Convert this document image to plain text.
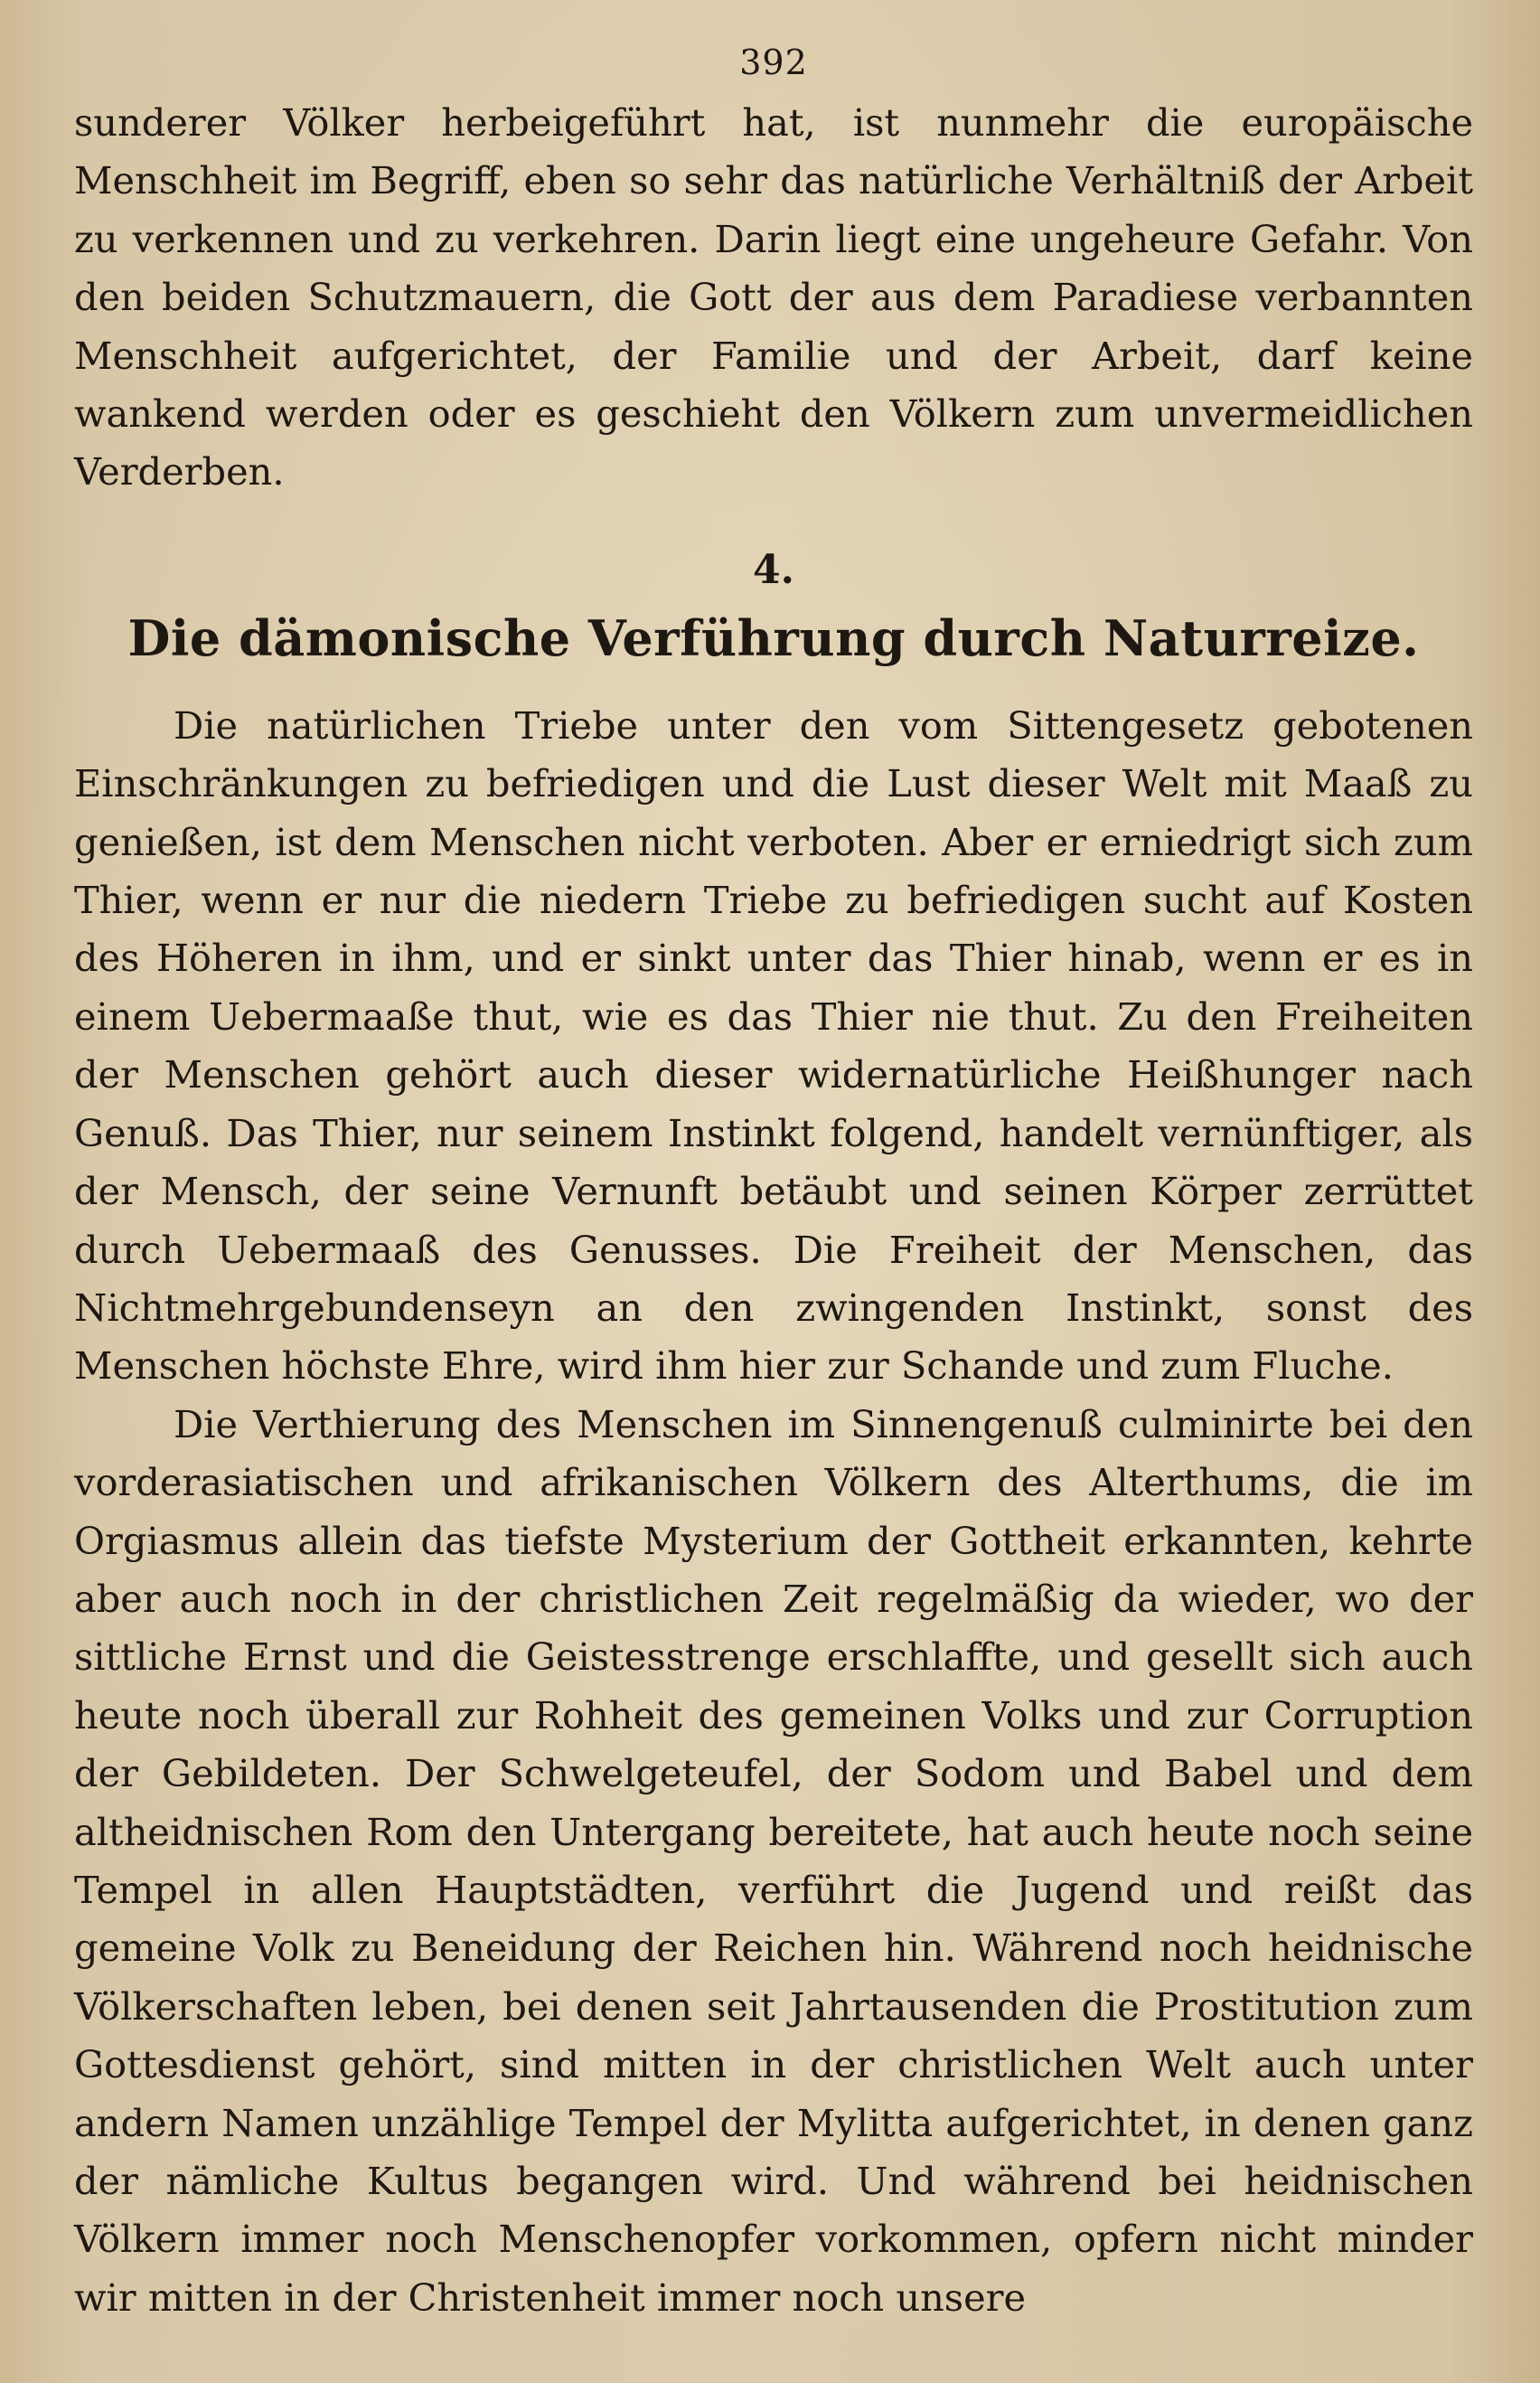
392

sunderer Völker herbeigeführt hat, ist nunmehr die europäische Menschheit im Begriff, eben so sehr das natürliche Verhältniß der Arbeit zu verkennen und zu verkehren. Darin liegt eine ungeheure Gefahr. Von den beiden Schutzmauern, die Gott der aus dem Paradiese verbannten Menschheit aufgerichtet, der Familie und der Arbeit, darf keine wankend werden oder es geschieht den Völkern zum unvermeidlichen Verderben.

4.
Die dämonische Verführung durch Naturreize.

Die natürlichen Triebe unter den vom Sittengesetz gebotenen Einschränkungen zu befriedigen und die Lust dieser Welt mit Maaß zu genießen, ist dem Menschen nicht verboten. Aber er erniedrigt sich zum Thier, wenn er nur die niedern Triebe zu befriedigen sucht auf Kosten des Höheren in ihm, und er sinkt unter das Thier hinab, wenn er es in einem Uebermaaße thut, wie es das Thier nie thut. Zu den Freiheiten der Menschen gehört auch dieser widernatürliche Heißhunger nach Genuß. Das Thier, nur seinem Instinkt folgend, handelt vernünftiger, als der Mensch, der seine Vernunft betäubt und seinen Körper zerrüttet durch Uebermaaß des Genusses. Die Freiheit der Menschen, das Nichtmehrgebundenseyn an den zwingenden Instinkt, sonst des Menschen höchste Ehre, wird ihm hier zur Schande und zum Fluche.

Die Verthierung des Menschen im Sinnengenuß culminirte bei den vorderasiatischen und afrikanischen Völkern des Alterthums, die im Orgiasmus allein das tiefste Mysterium der Gottheit erkannten, kehrte aber auch noch in der christlichen Zeit regelmäßig da wieder, wo der sittliche Ernst und die Geistesstrenge erschlaffte, und gesellt sich auch heute noch überall zur Rohheit des gemeinen Volks und zur Corruption der Gebildeten. Der Schwelgeteufel, der Sodom und Babel und dem altheidnischen Rom den Untergang bereitete, hat auch heute noch seine Tempel in allen Hauptstädten, verführt die Jugend und reißt das gemeine Volk zu Beneidung der Reichen hin. Während noch heidnische Völkerschaften leben, bei denen seit Jahrtausenden die Prostitution zum Gottesdienst gehört, sind mitten in der christlichen Welt auch unter andern Namen unzählige Tempel der Mylitta aufgerichtet, in denen ganz der nämliche Kultus begangen wird. Und während bei heidnischen Völkern immer noch Menschenopfer vorkommen, opfern nicht minder wir mitten in der Christenheit immer noch unsere
